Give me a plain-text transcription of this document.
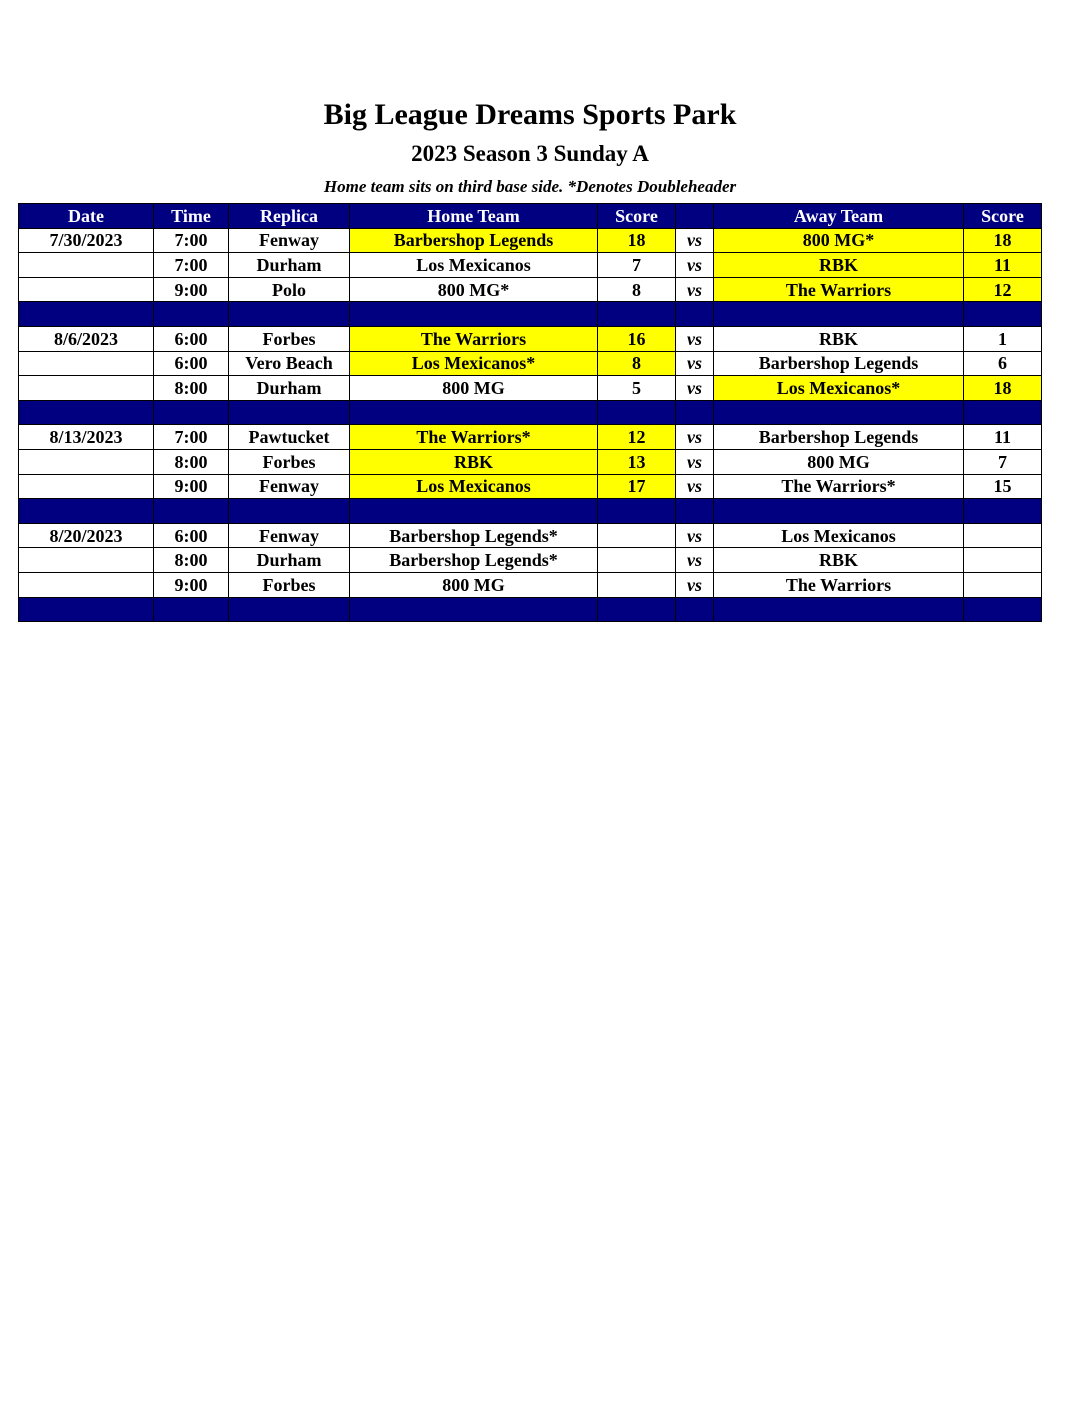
Big League Dreams Sports Park
2023 Season 3 Sunday A
Home team sits on third base side. *Denotes Doubleheader
Date	Time	Replica	Home Team	Score		Away Team	Score
7/30/2023	7:00	Fenway	Barbershop Legends	18	vs	800 MG*	18
	7:00	Durham	Los Mexicanos	7	vs	RBK	11
	9:00	Polo	800 MG*	8	vs	The Warriors	12

8/6/2023	6:00	Forbes	The Warriors	16	vs	RBK	1
	6:00	Vero Beach	Los Mexicanos*	8	vs	Barbershop Legends	6
	8:00	Durham	800 MG	5	vs	Los Mexicanos*	18

8/13/2023	7:00	Pawtucket	The Warriors*	12	vs	Barbershop Legends	11
	8:00	Forbes	RBK	13	vs	800 MG	7
	9:00	Fenway	Los Mexicanos	17	vs	The Warriors*	15

8/20/2023	6:00	Fenway	Barbershop Legends*		vs	Los Mexicanos	
	8:00	Durham	Barbershop Legends*		vs	RBK	
	9:00	Forbes	800 MG		vs	The Warriors	
